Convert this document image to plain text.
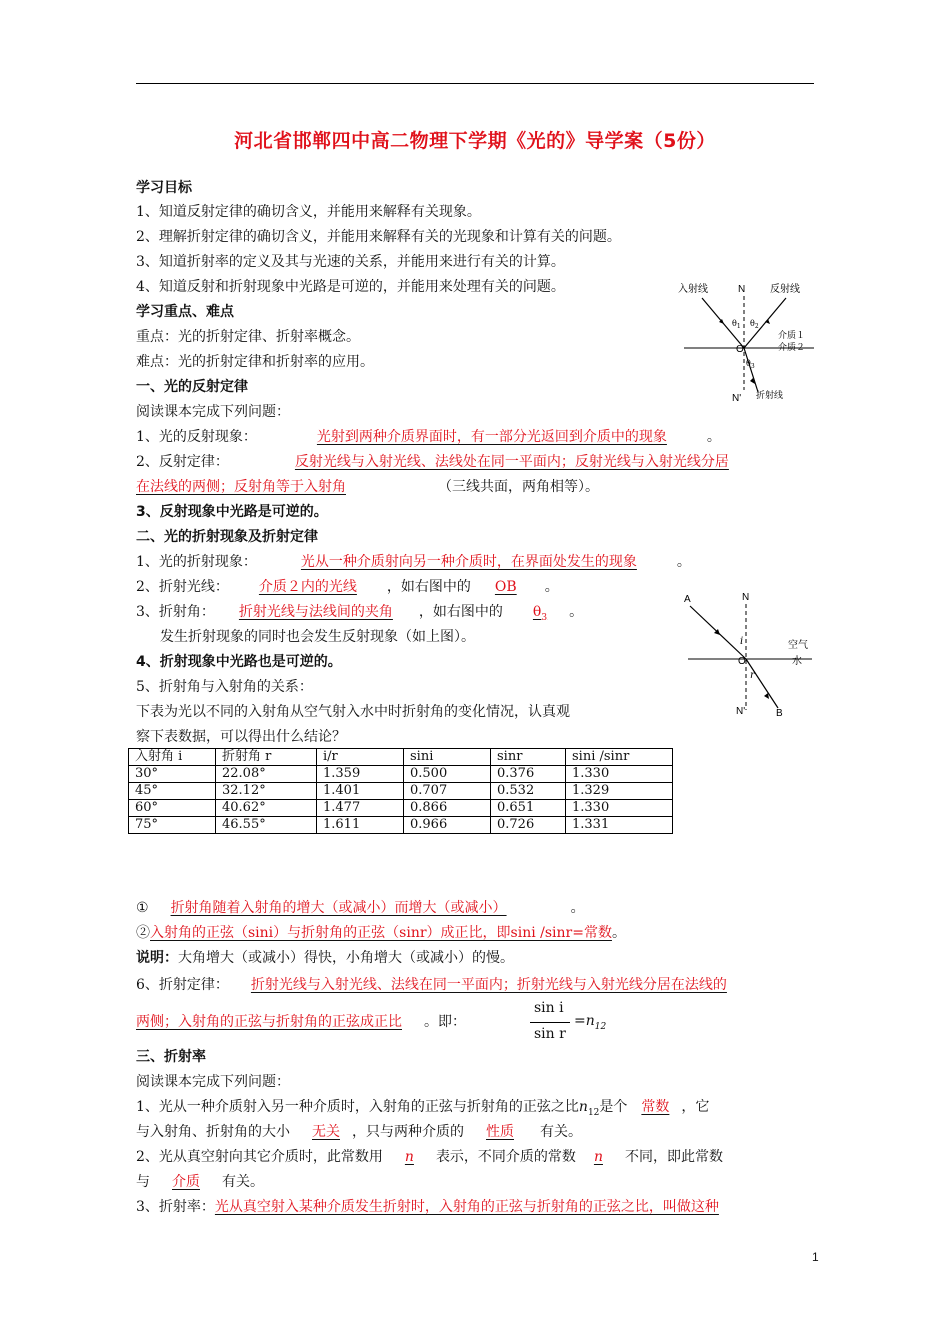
河北省邯郸四中高二物理下学期《光的》导学案（5份）
学习目标
1、知道反射定律的确切含义，并能用来解释有关现象。
2、理解折射定律的确切含义，并能用来解释有关的光现象和计算有关的问题。
3、知道折射率的定义及其与光速的关系，并能用来进行有关的计算。
4、知道反射和折射现象中光路是可逆的，并能用来处理有关的问题。
学习重点、难点
重点：光的折射定律、折射率概念。
难点：光的折射定律和折射率的应用。
一、光的反射定律
阅读课本完成下列问题：
1、光的反射现象：	光射到两种介质界面时，有一部分光返回到介质中的现象	。
2、反射定律：	反射光线与入射光线、法线处在同一平面内；反射光线与入射光线分居
在法线的两侧；反射角等于入射角	（三线共面，两角相等）。
3、反射现象中光路是可逆的。
二、光的折射现象及折射定律
1、光的折射现象：	光从一种介质射向另一种介质时，在界面处发生的现象	。
2、折射光线： 介质２内的光线 ，如右图中的 OB 。
3、折射角： 折射光线与法线间的夹角 ，如右图中的 $\theta_3$ 。
发生折射现象的同时也会发生反射现象（如上图）。
4、折射现象中光路也是可逆的。
5、折射角与入射角的关系：
下表为光以不同的入射角从空气射入水中时折射角的变化情况，认真观
察下表数据，可以得出什么结论？
入射角 i	折射角 r	i/r	sini	sinr	sini /sinr
30°	22.08°	1.359	0.500	0.376	1.330
45°	32.12°	1.401	0.707	0.532	1.329
60°	40.62°	1.477	0.866	0.651	1.330
75°	46.55°	1.611	0.966	0.726	1.331
① 折射角随着入射角的增大（或减小）而增大（或减小）	。
②入射角的正弦（sini）与折射角的正弦（sinr）成正比，即sini /sinr=常数。
说明：大角增大（或减小）得快，小角增大（或减小）的慢。
6、折射定律： 折射光线与入射光线、法线在同一平面内；折射光线与入射光线分居在法线的
两侧；入射角的正弦与折射角的正弦成正比 。即：
sin i
sin r
$=n_{12}$
三、折射率
阅读课本完成下列问题：
1、光从一种介质射入另一种介质时，入射角的正弦与折射角的正弦之比$n_{12}$是个 常数 ，它
与入射角、折射角的大小 无关 ，只与两种介质的 性质 有关。
2、光从真空射向其它介质时，此常数用 n 表示，不同介质的常数 n 不同，即此常数
与 介质 有关。
3、折射率：光从真空射入某种介质发生折射时，入射角的正弦与折射角的正弦之比，叫做这种
入射线	N 反射线
$\theta_1$ $\theta_2$
O
介质１
介质２
$\theta_3$
折射线
N'
A	N
i	空气
水
O
r
N'	B
1
